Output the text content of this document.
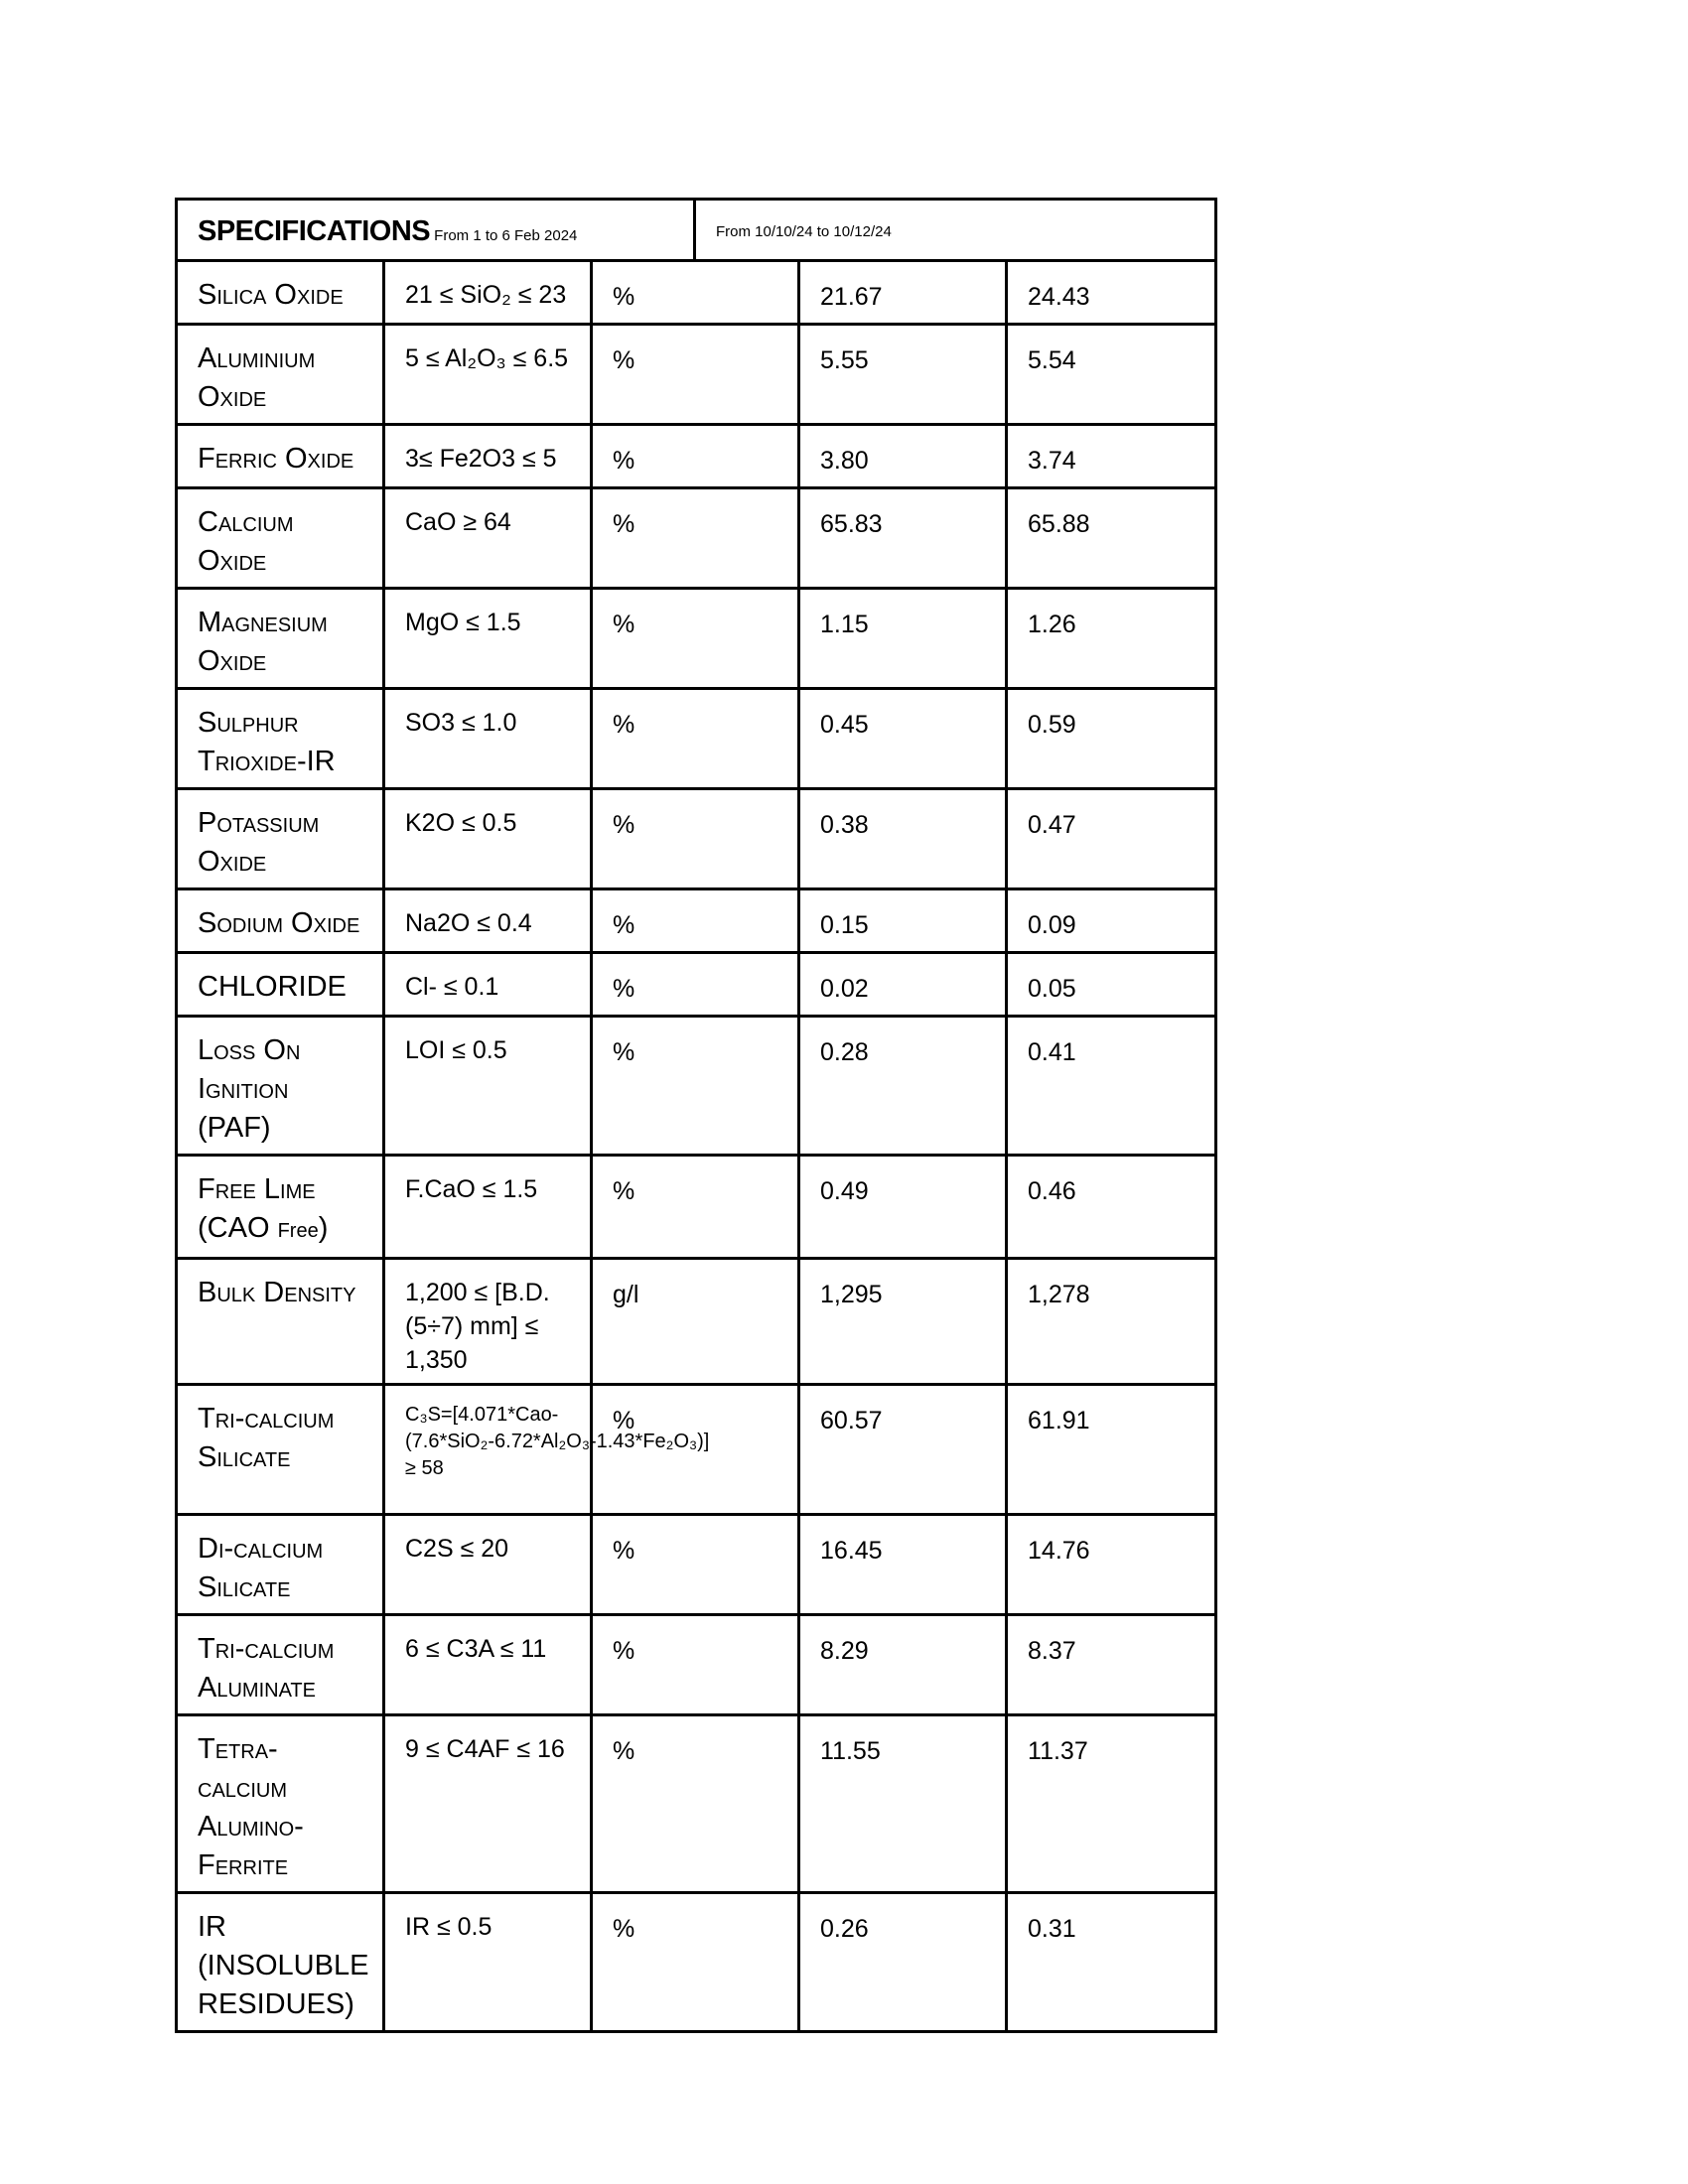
SPECIFICATIONS From 1 to 6 Feb 2024			From 10/10/24 to 10/12/24		
Silica Oxide	21 ≤ SiO₂ ≤ 23	%		21.67	24.43
Aluminium Oxide	5 ≤ Al₂O₃ ≤ 6.5	%		5.55	5.54
Ferric Oxide	3≤ Fe2O3 ≤ 5	%		3.80	3.74
Calcium Oxide	CaO ≥ 64	%		65.83	65.88
Magnesium Oxide	MgO ≤ 1.5	%		1.15	1.26
Sulphur Trioxide-IR	SO3 ≤ 1.0	%		0.45	0.59
Potassium Oxide	K2O ≤ 0.5	%		0.38	0.47
Sodium Oxide	Na2O ≤ 0.4	%		0.15	0.09
CHLORIDE	Cl- ≤ 0.1	%		0.02	0.05
Loss On Ignition (PAF)	LOI ≤ 0.5	%		0.28	0.41
Free Lime (CAO Free)	F.CaO ≤ 1.5	%		0.49	0.46
Bulk Density	1,200 ≤ [B.D. (5÷7) mm] ≤ 1,350	g/l		1,295	1,278
Tri-calcium Silicate	C₃S=[4.071*Cao-(7.6*SiO₂-6.72*Al₂O₃-1.43*Fe₂O₃)] ≥ 58	%		60.57	61.91
Di-calcium Silicate	C2S ≤ 20	%		16.45	14.76
Tri-calcium Aluminate	6 ≤ C3A ≤ 11	%		8.29	8.37
Tetra-calcium Alumino-Ferrite	9 ≤ C4AF ≤ 16	%		11.55	11.37
IR (INSOLUBLE RESIDUES)	IR ≤ 0.5	%		0.26	0.31
